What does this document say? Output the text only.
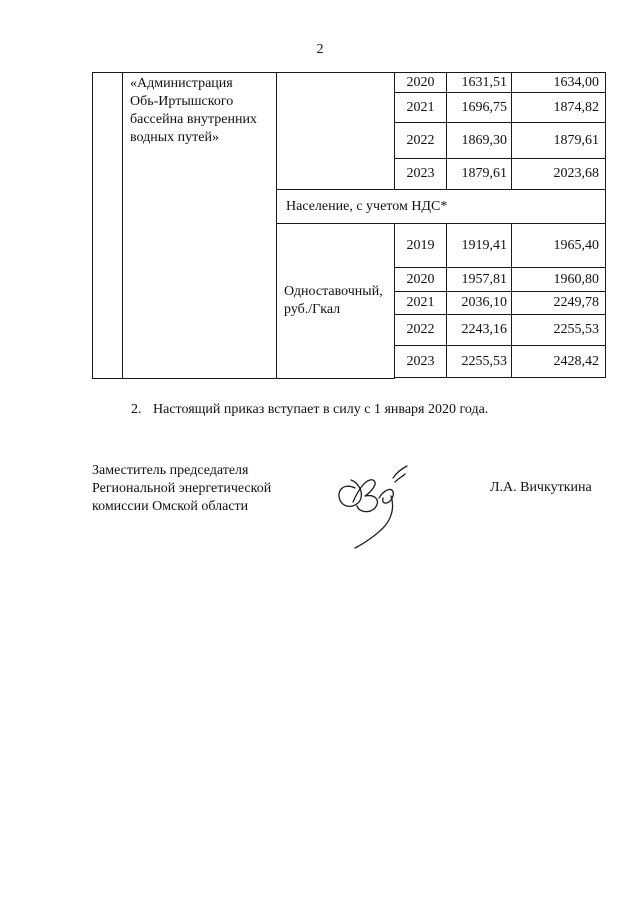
2
	«Администрация
Обь-Иртышского
бассейна внутренних
водных путей»		2020	1631,51	1634,00
			2021	1696,75	1874,82
			2022	1869,30	1879,61
			2023	1879,61	2023,68
		Население, с учетом НДС*			
		Одноставочный,
руб./Гкал	2019	1919,41	1965,40
			2020	1957,81	1960,80
			2021	2036,10	2249,78
			2022	2243,16	2255,53
			2023	2255,53	2428,42

2. Настоящий приказ вступает в силу с 1 января 2020 года.
Заместитель председателя
Региональной энергетической
комиссии Омской области
Л.А. Вичкуткина
